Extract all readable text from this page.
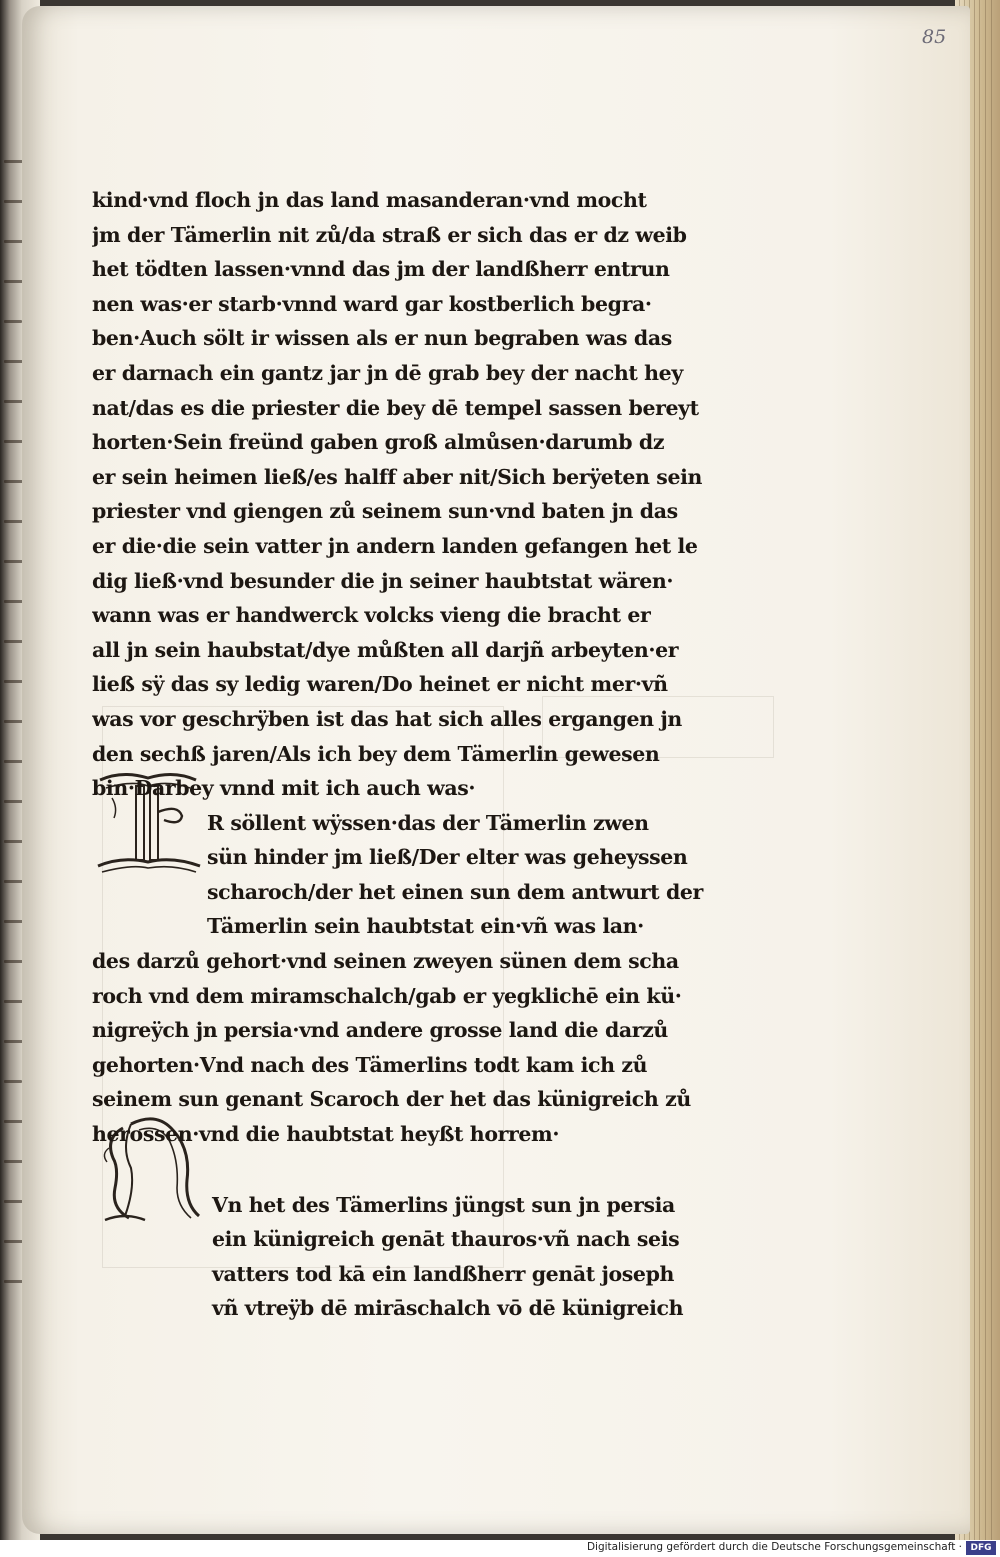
85
kind·vnd floch jn das land masanderan·vnd mocht
jm der Tämerlin nit zů/da straß er sich das er dz weib
het tödten lassen·vnnd das jm der landßherr entrun
nen was·er starb·vnnd ward gar kostberlich begra·
ben·Auch sölt ir wissen als er nun begraben was das
er darnach ein gantz jar jn dē grab bey der nacht hey
nat/das es die priester die bey dē tempel sassen bereyt
horten·Sein freünd gaben groß almůsen·darumb dz
er sein heimen ließ/es halff aber nit/Sich berÿeten sein
priester vnd giengen zů seinem sun·vnd baten jn das
er die·die sein vatter jn andern landen gefangen het le
dig ließ·vnd besunder die jn seiner haubtstat wären·
wann was er handwerck volcks vieng die bracht er
all jn sein haubstat/dye můßten all darjñ arbeyten·er
ließ sÿ das sy ledig waren/Do heinet er nicht mer·vñ
was vor geschrÿben ist das hat sich alles ergangen jn
den sechß jaren/Als ich bey dem Tämerlin gewesen
bin·Darbey vnnd mit ich auch was·
R söllent wÿssen·das der Tämerlin zwen
sün hinder jm ließ/Der elter was geheyssen
scharoch/der het einen sun dem antwurt der
Tämerlin sein haubtstat ein·vñ was lan·
des darzů gehort·vnd seinen zweyen sünen dem scha
roch vnd dem miramschalch/gab er yegklichē ein kü·
nigreÿch jn persia·vnd andere grosse land die darzů
gehorten·Vnd nach des Tämerlins todt kam ich zů
seinem sun genant Scaroch der het das künigreich zů
herossen·vnd die haubtstat heyßt horrem·
Vn het des Tämerlins jüngst sun jn persia
ein künigreich genāt thauros·vñ nach seis
vatters tod kā ein landßherr genāt joseph
vñ vtreÿb dē mirāschalch vō dē künigreich
Digitalisierung gefördert durch die Deutsche Forschungsgemeinschaft · DFG
